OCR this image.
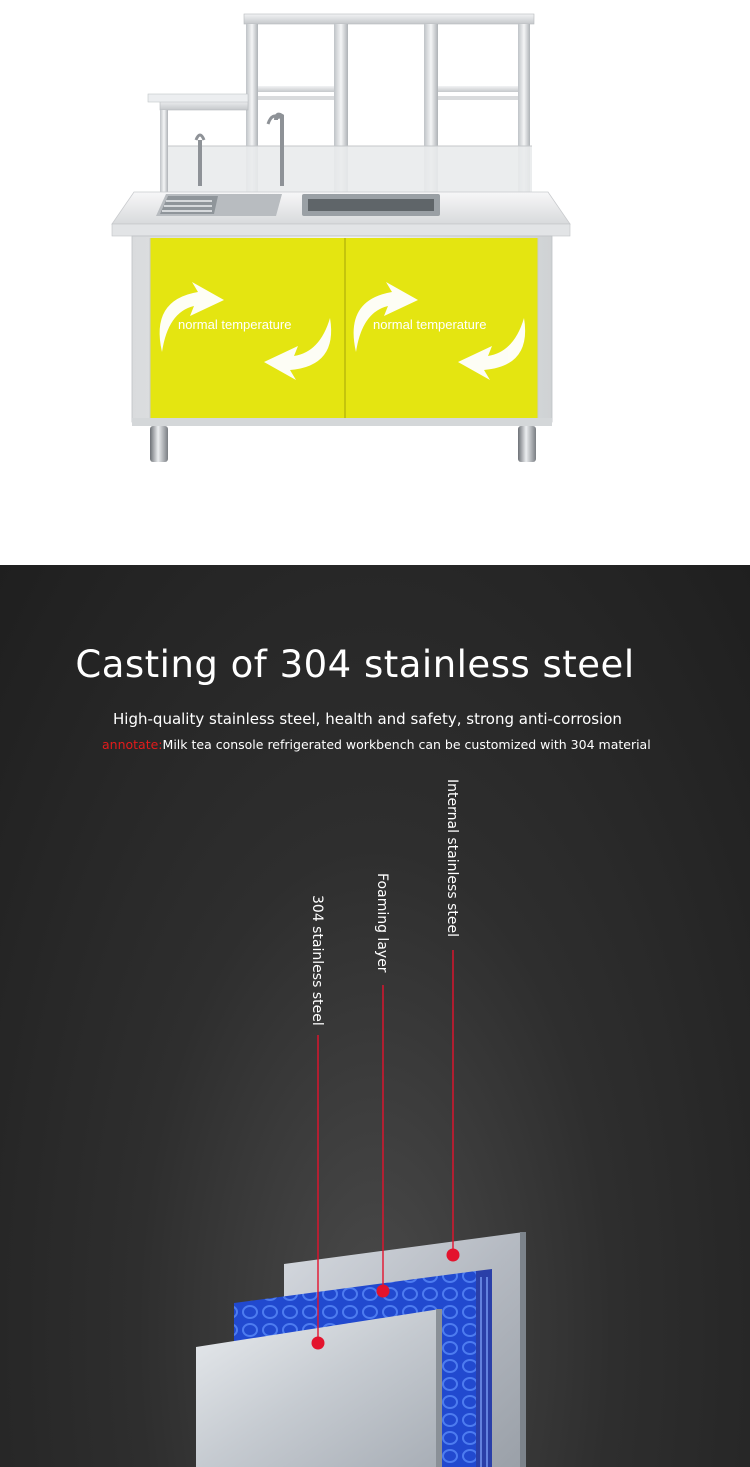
normal temperature	normal temperature
Casting of 304 stainless steel
High-quality stainless steel, health and safety, strong anti-corrosion
annotate:Milk tea console refrigerated workbench can be customized with 304 material
304 stainless steel	Foaming layer	Internal stainless steel
